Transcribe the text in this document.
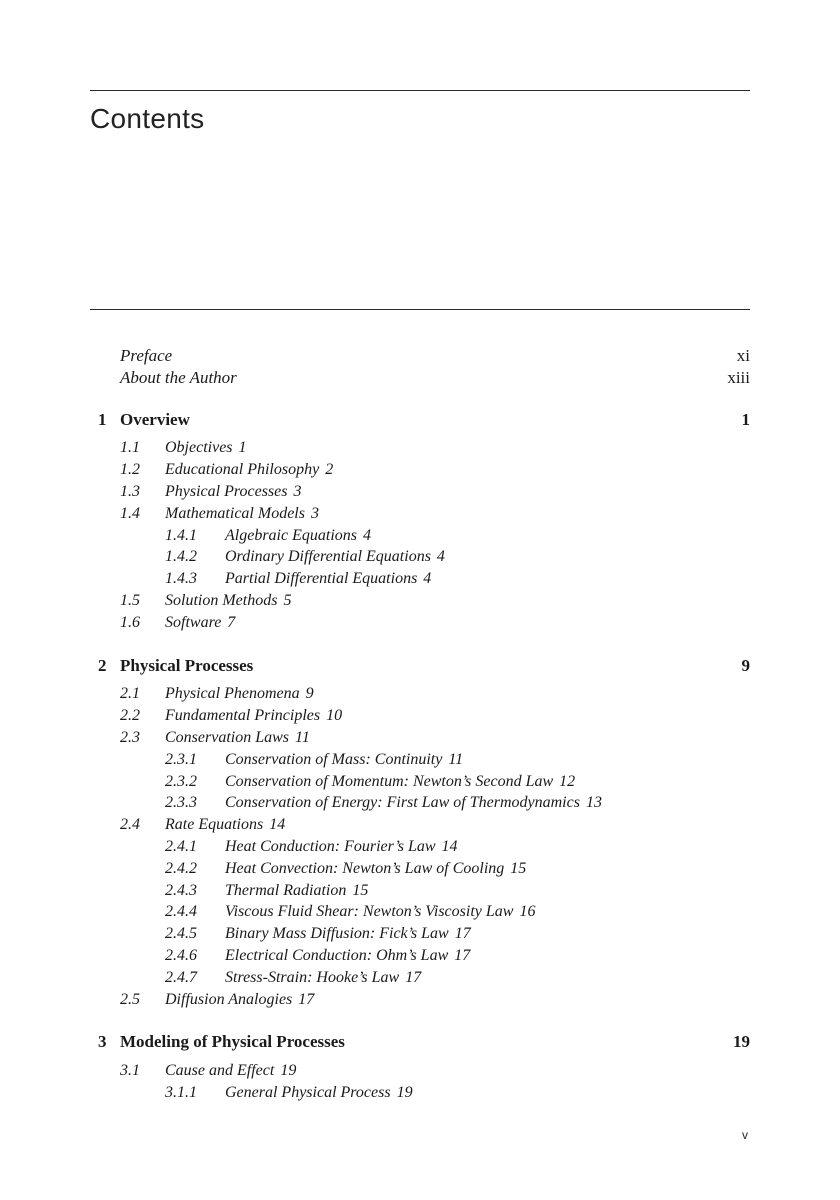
Contents
Preface	xi
About the Author	xiii
1 Overview	1
1.1 Objectives 1
1.2 Educational Philosophy 2
1.3 Physical Processes 3
1.4 Mathematical Models 3
1.4.1 Algebraic Equations 4
1.4.2 Ordinary Differential Equations 4
1.4.3 Partial Differential Equations 4
1.5 Solution Methods 5
1.6 Software 7
2 Physical Processes	9
2.1 Physical Phenomena 9
2.2 Fundamental Principles 10
2.3 Conservation Laws 11
2.3.1 Conservation of Mass: Continuity 11
2.3.2 Conservation of Momentum: Newton’s Second Law 12
2.3.3 Conservation of Energy: First Law of Thermodynamics 13
2.4 Rate Equations 14
2.4.1 Heat Conduction: Fourier’s Law 14
2.4.2 Heat Convection: Newton’s Law of Cooling 15
2.4.3 Thermal Radiation 15
2.4.4 Viscous Fluid Shear: Newton’s Viscosity Law 16
2.4.5 Binary Mass Diffusion: Fick’s Law 17
2.4.6 Electrical Conduction: Ohm’s Law 17
2.4.7 Stress-Strain: Hooke’s Law 17
2.5 Diffusion Analogies 17
3 Modeling of Physical Processes	19
3.1 Cause and Effect 19
3.1.1 General Physical Process 19
v
